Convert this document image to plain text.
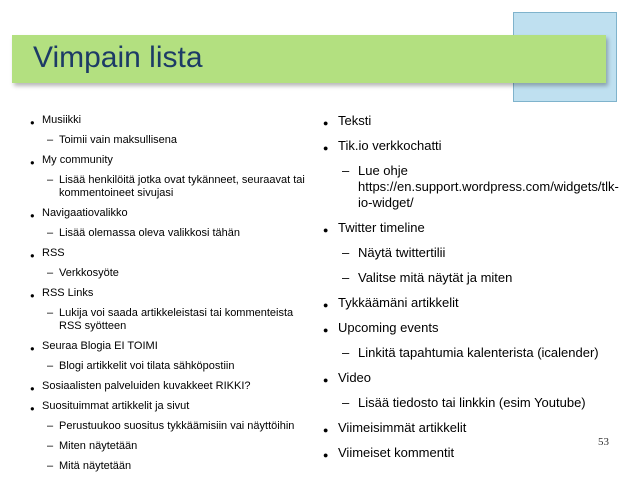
Vimpain lista
● Musiikki
– Toimii vain maksullisena
● My community
– Lisää henkilöitä jotka ovat tykänneet, seuraavat tai kommentoineet sivujasi
● Navigaatiovalikko
– Lisää olemassa oleva valikkosi tähän
● RSS
– Verkkosyöte
● RSS Links
– Lukija voi saada artikkeleistasi tai kommenteista RSS syötteen
● Seuraa Blogia EI TOIMI
– Blogi artikkelit voi tilata sähköpostiin
● Sosiaalisten palveluiden kuvakkeet RIKKI?
● Suosituimmat artikkelit ja sivut
– Perustuukoo suositus tykkäämisiin vai näyttöihin
– Miten näytetään
– Mitä näytetään
● Teksti
● Tik.io verkkochatti
– Lue ohje https://en.support.wordpress.com/widgets/tlk-io-widget/
● Twitter timeline
– Näytä twittertilii
– Valitse mitä näytät ja miten
● Tykkäämäni artikkelit
● Upcoming events
– Linkitä tapahtumia kalenterista (icalender)
● Video
– Lisää tiedosto tai linkkin (esim Youtube)
● Viimeisimmät artikkelit
● Viimeiset kommentit
53
